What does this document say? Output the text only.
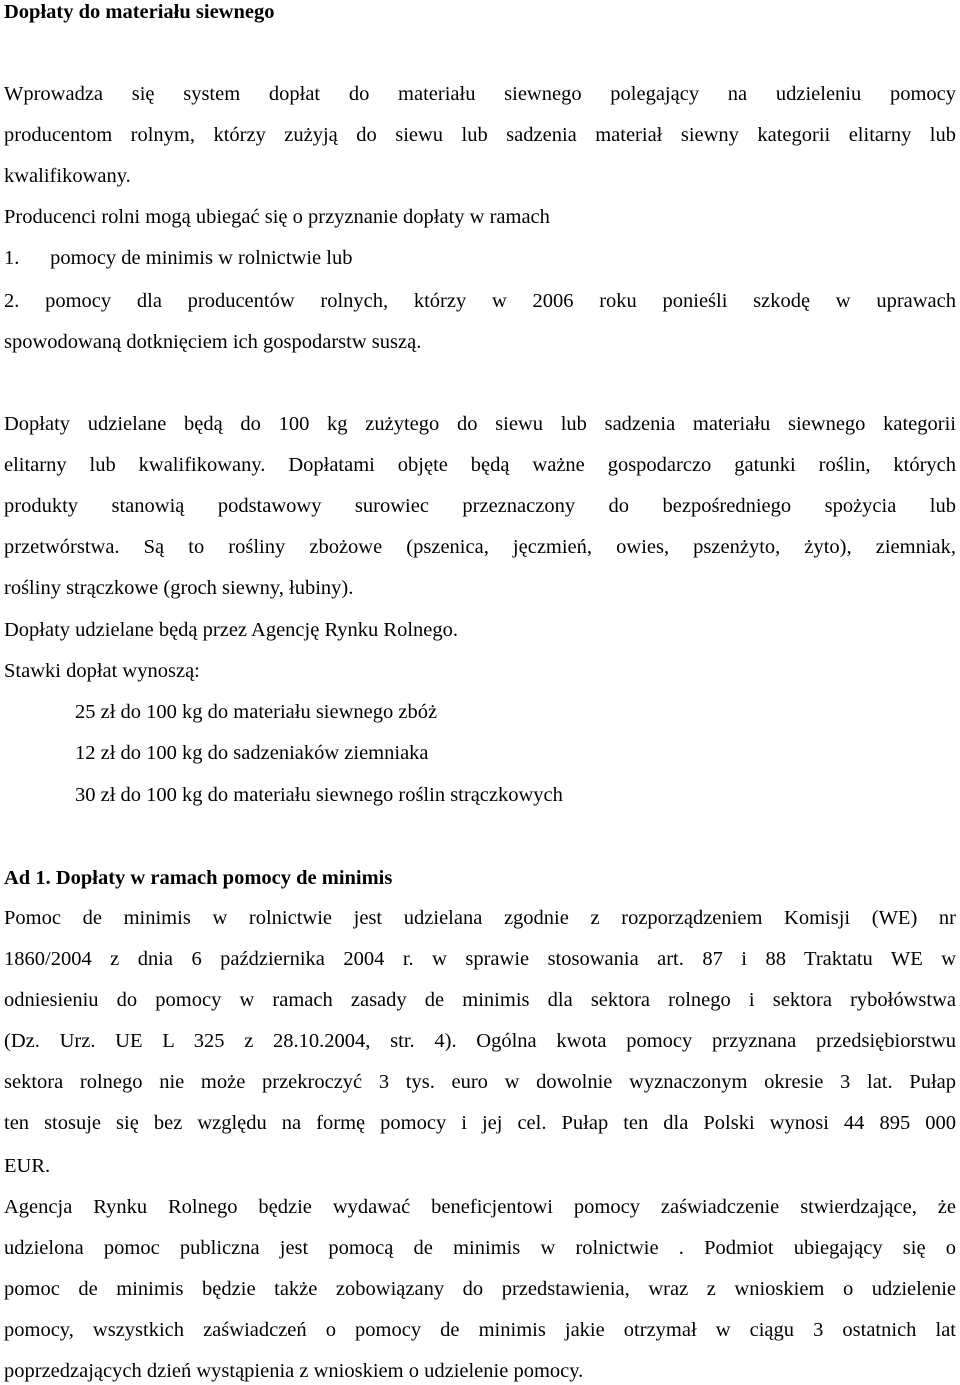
Dopłaty do materiału siewnego
Wprowadza się system dopłat do materiału siewnego polegający na udzieleniu pomocy
producentom rolnym, którzy zużyją do siewu lub sadzenia materiał siewny kategorii elitarny lub
kwalifikowany.
Producenci rolni mogą ubiegać się o przyznanie dopłaty w ramach
1.      pomocy de minimis w rolnictwie lub
2. pomocy dla producentów rolnych, którzy w 2006 roku ponieśli szkodę w uprawach
spowodowaną dotknięciem ich gospodarstw suszą.
Dopłaty udzielane będą do 100 kg zużytego do siewu lub sadzenia materiału siewnego kategorii
elitarny lub kwalifikowany. Dopłatami objęte będą ważne gospodarczo gatunki roślin, których
produkty stanowią podstawowy surowiec przeznaczony do bezpośredniego spożycia lub
przetwórstwa. Są to rośliny zbożowe (pszenica, jęczmień, owies, pszenżyto, żyto), ziemniak,
rośliny strączkowe (groch siewny, łubiny).
Dopłaty udzielane będą przez Agencję Rynku Rolnego.
Stawki dopłat wynoszą:
25 zł do 100 kg do materiału siewnego zbóż
12 zł do 100 kg do sadzeniaków ziemniaka
30 zł do 100 kg do materiału siewnego roślin strączkowych
Ad 1. Dopłaty w ramach pomocy de minimis
Pomoc de minimis w rolnictwie jest udzielana zgodnie z rozporządzeniem Komisji (WE) nr
1860/2004 z dnia 6 października 2004 r. w sprawie stosowania art. 87 i 88 Traktatu WE w
odniesieniu do pomocy w ramach zasady de minimis dla sektora rolnego i sektora rybołówstwa
(Dz. Urz. UE L 325 z 28.10.2004, str. 4). Ogólna kwota pomocy przyznana przedsiębiorstwu
sektora rolnego nie może przekroczyć 3 tys. euro w dowolnie wyznaczonym okresie 3 lat. Pułap
ten stosuje się bez względu na formę pomocy i jej cel. Pułap ten dla Polski wynosi 44 895 000
EUR.
Agencja Rynku Rolnego będzie wydawać beneficjentowi pomocy zaświadczenie stwierdzające, że
udzielona pomoc publiczna jest pomocą de minimis w rolnictwie . Podmiot ubiegający się o
pomoc de minimis będzie także zobowiązany do przedstawienia, wraz z wnioskiem o udzielenie
pomocy, wszystkich zaświadczeń o pomocy de minimis jakie otrzymał w ciągu 3 ostatnich lat
poprzedzających dzień wystąpienia z wnioskiem o udzielenie pomocy.
